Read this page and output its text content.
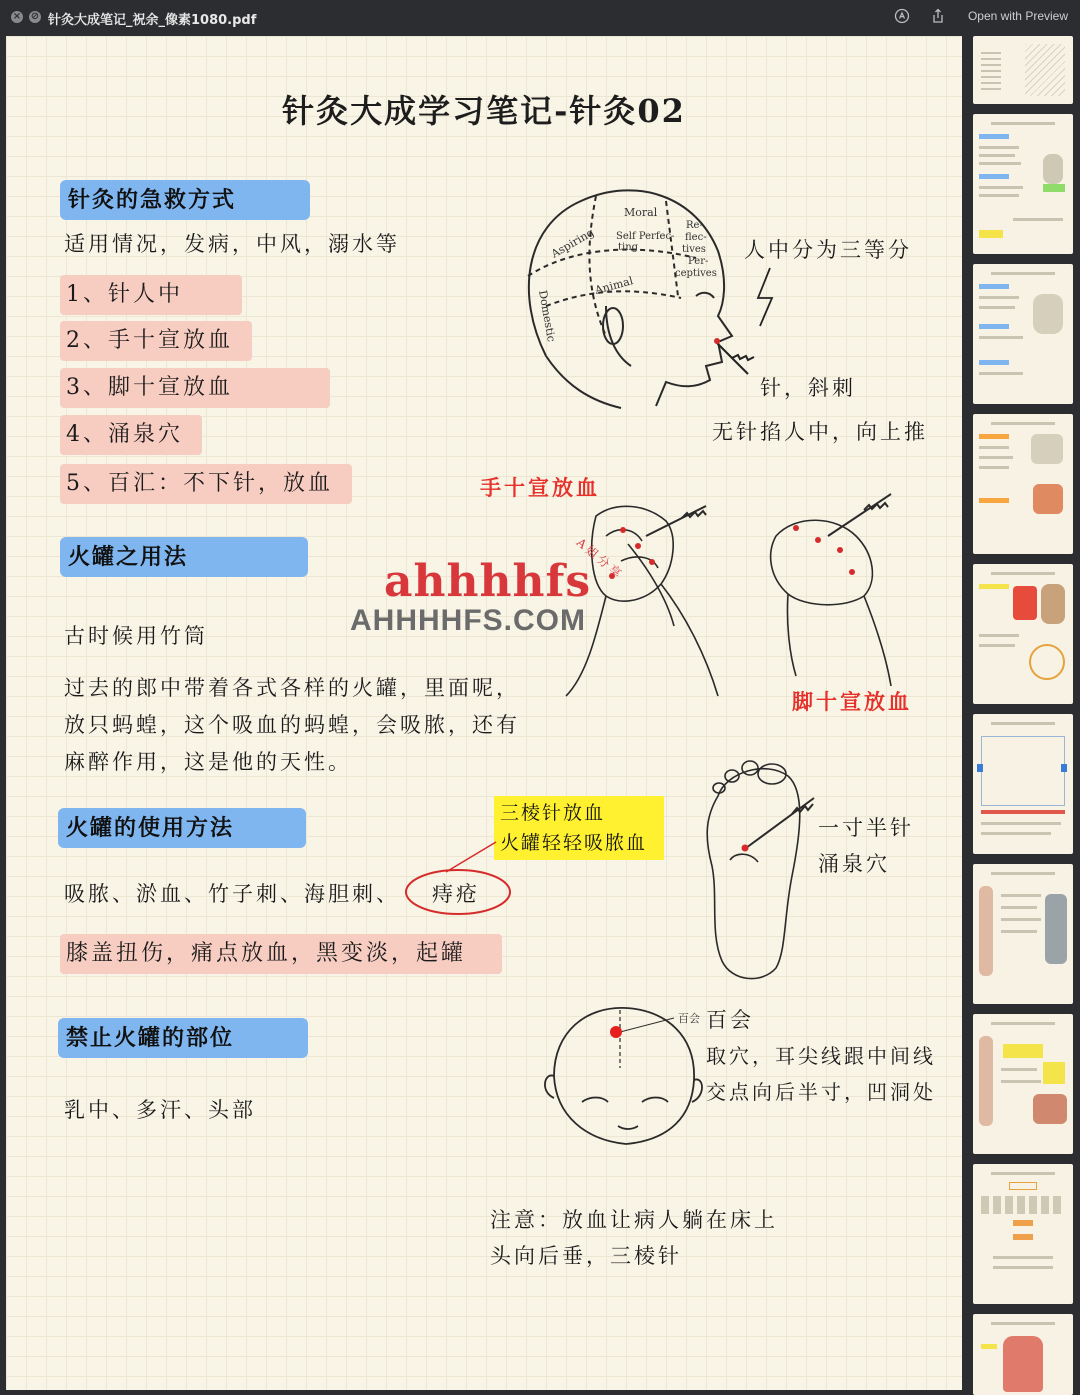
× ⊘ 针灸大成笔记_祝余_像素1080.pdf	Open with Preview
针灸大成学习笔记-针灸02
针灸的急救方式
适用情况，发病，中风，溺水等
1、针人中
2、手十宣放血
3、脚十宣放血
4、涌泉穴
5、百汇：不下针，放血
火罐之用法
古时候用竹筒
过去的郎中带着各式各样的火罐，里面呢，
放只蚂蝗，这个吸血的蚂蝗，会吸脓，还有
麻醉作用，这是他的天性。
火罐的使用方法
吸脓、淤血、竹子刺、海胆刺、 痔疮
膝盖扭伤，痛点放血，黑变淡，起罐
三棱针放血
火罐轻轻吸脓血
禁止火罐的部位
乳中、多汗、头部
人中分为三等分
针，斜刺
无针掐人中，向上推
手十宣放血
脚十宣放血
一寸半针
涌泉穴
百会
取穴，耳尖线跟中间线
交点向后半寸，凹洞处
注意：放血让病人躺在床上
头向后垂，三棱针
Moral
Self Perfec-
ting
Re-
flec-
tives
Per-
ceptives
Aspiring
Animal
Domestic
百会
ahhhhfs
AHHHHFS.COM
A姐分享
